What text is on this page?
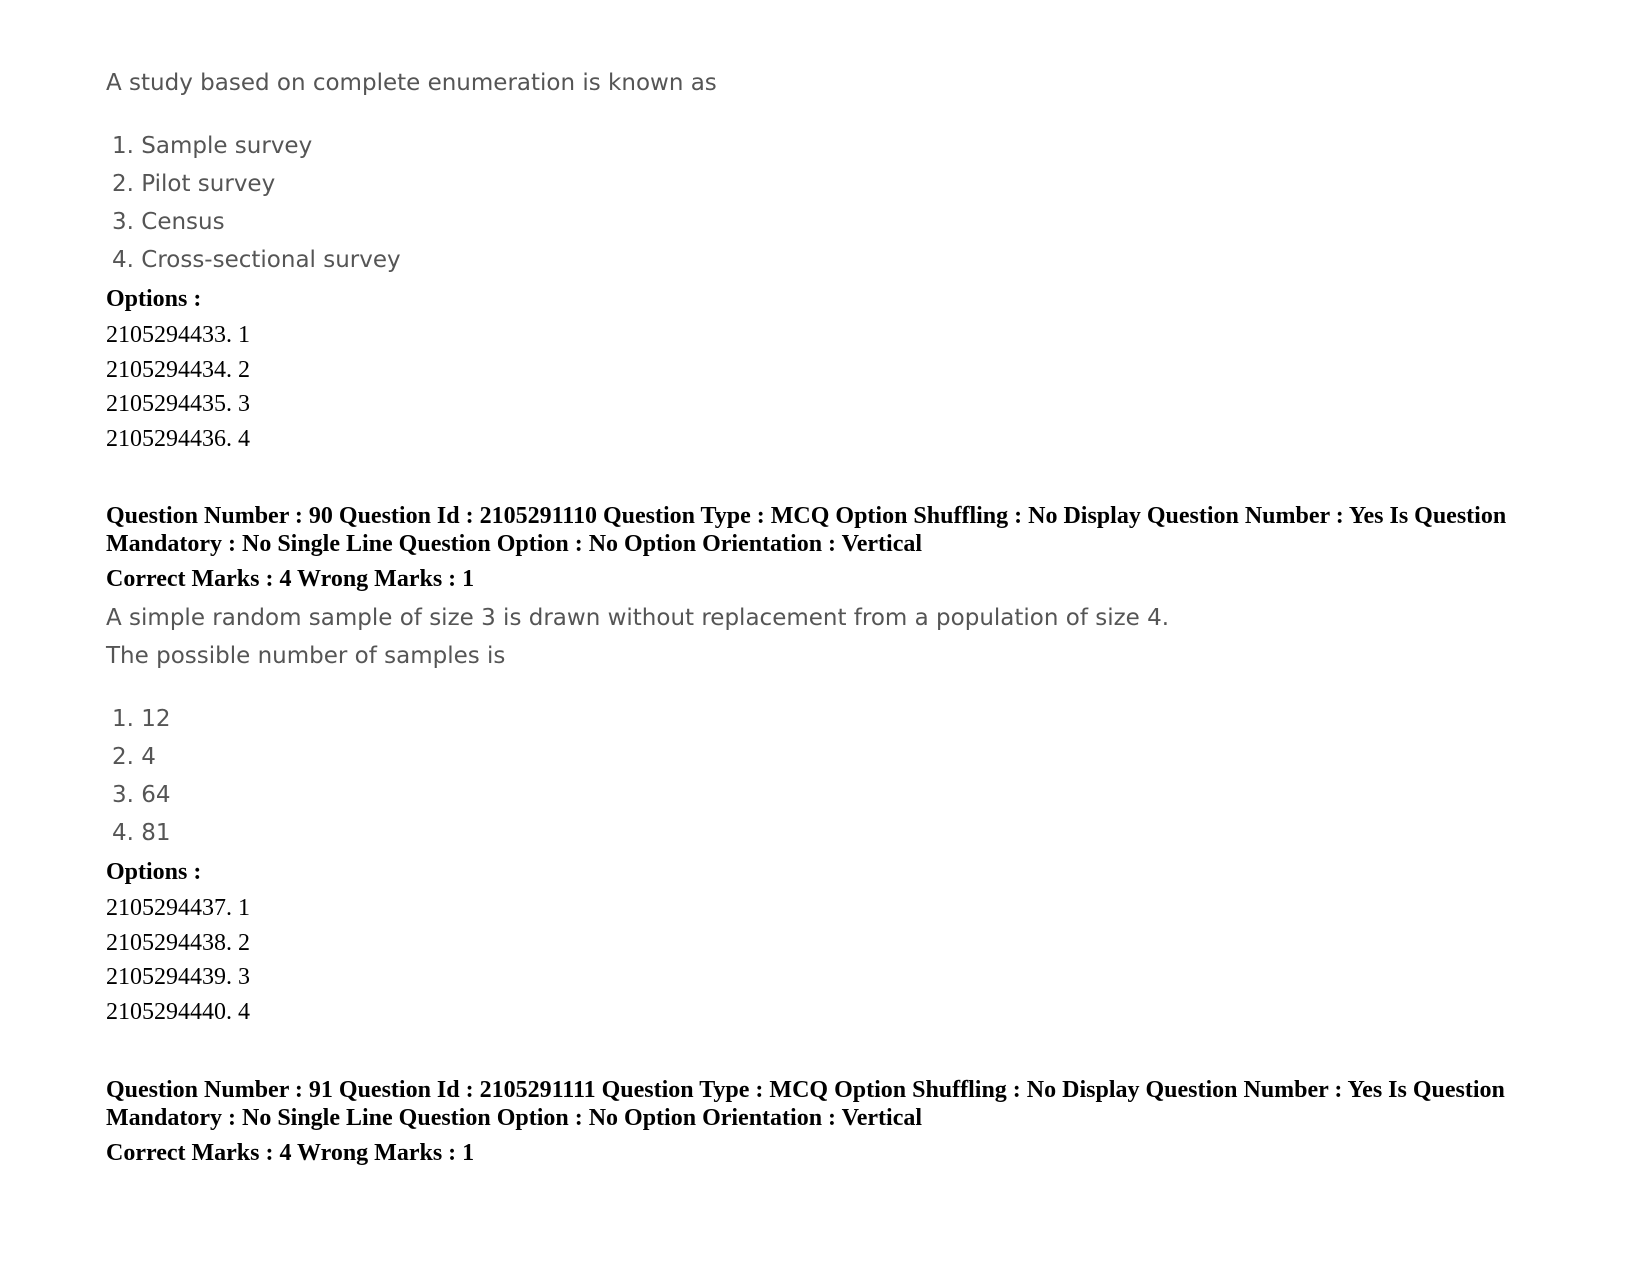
A study based on complete enumeration is known as

1. Sample survey
2. Pilot survey
3. Census
4. Cross-sectional survey

Options :

2105294433. 1
2105294434. 2
2105294435. 3
2105294436. 4

Question Number : 90 Question Id : 2105291110 Question Type : MCQ Option Shuffling : No Display Question Number : Yes Is Question Mandatory : No Single Line Question Option : No Option Orientation : Vertical

Correct Marks : 4 Wrong Marks : 1

A simple random sample of size 3 is drawn without replacement from a population of size 4.

The possible number of samples is

1. 12
2. 4
3. 64
4. 81

Options :

2105294437. 1
2105294438. 2
2105294439. 3
2105294440. 4

Question Number : 91 Question Id : 2105291111 Question Type : MCQ Option Shuffling : No Display Question Number : Yes Is Question Mandatory : No Single Line Question Option : No Option Orientation : Vertical

Correct Marks : 4 Wrong Marks : 1
